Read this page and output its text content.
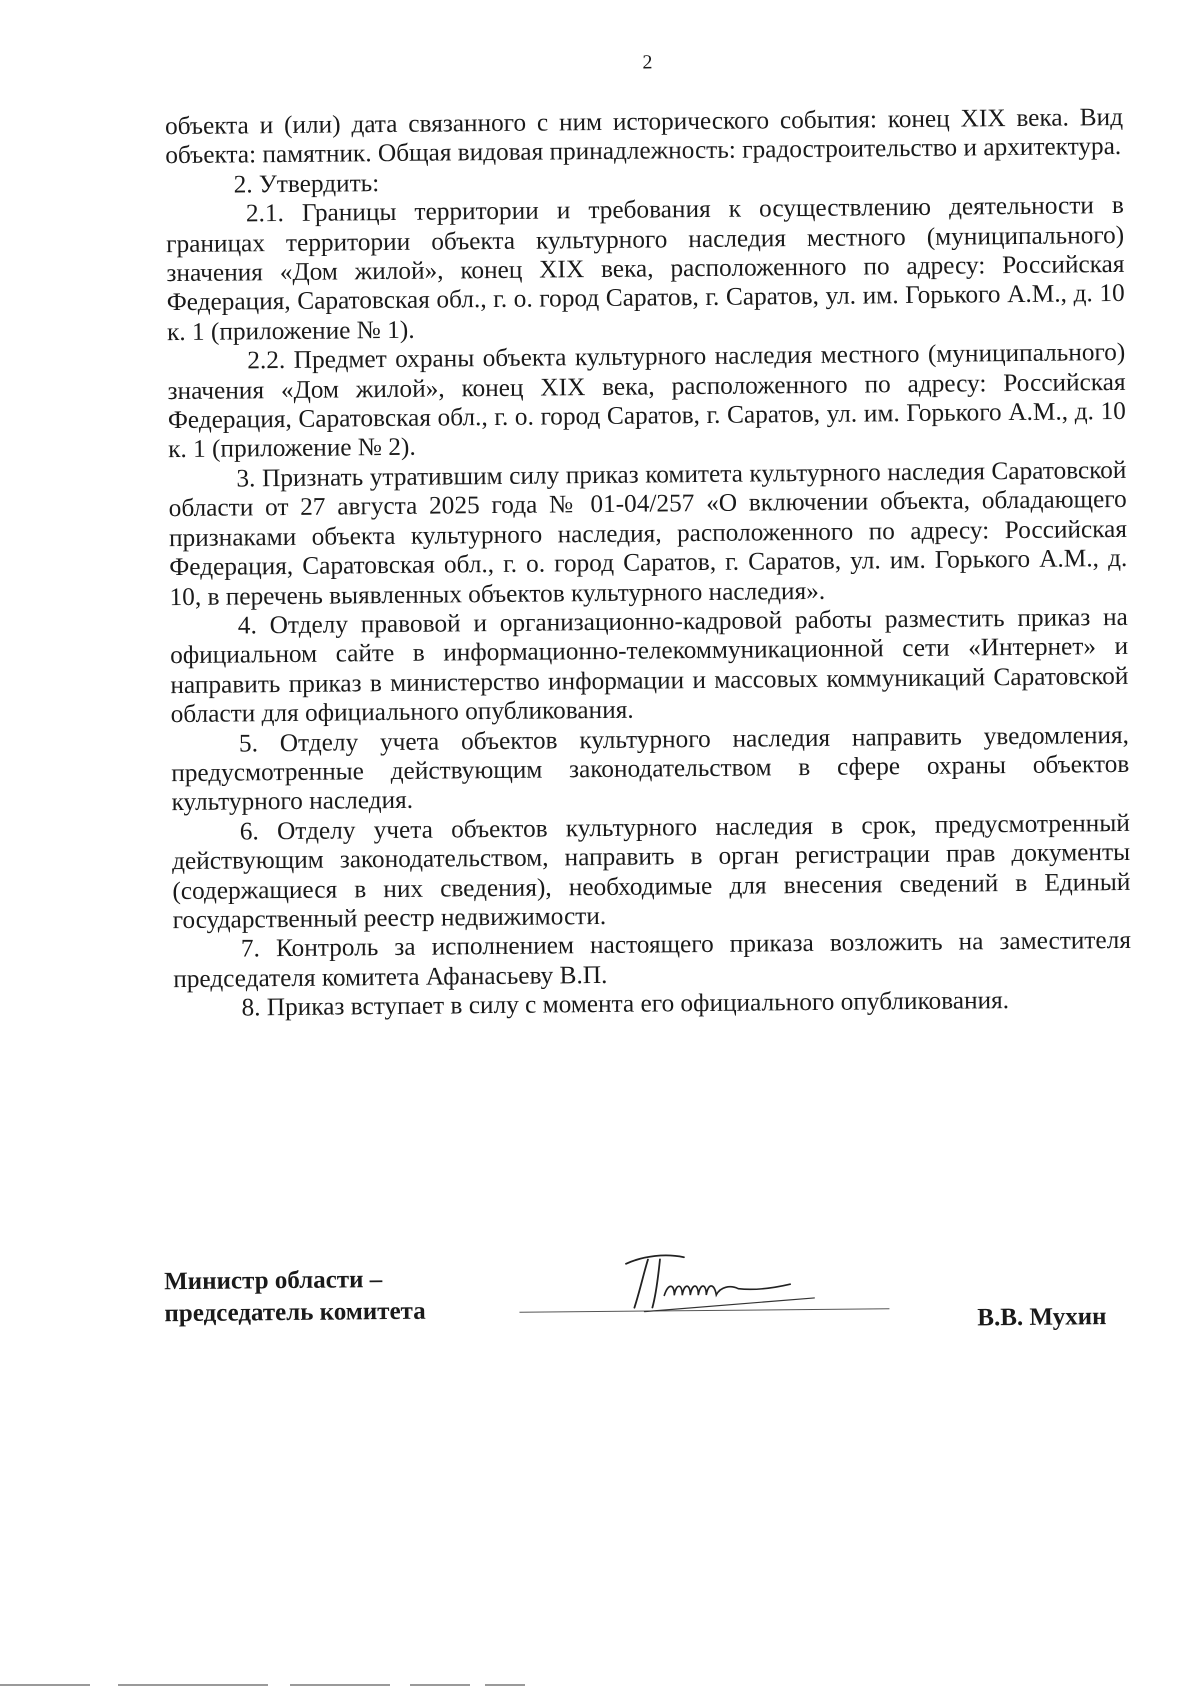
2

объекта и (или) дата связанного с ним исторического события: конец XIX века. Вид объекта: памятник. Общая видовая принадлежность: градостроительство и архитектура.

2. Утвердить:

2.1. Границы территории и требования к осуществлению деятельности в границах территории объекта культурного наследия местного (муниципального) значения «Дом жилой», конец XIX века, расположенного по адресу: Российская Федерация, Саратовская обл., г. о. город Саратов, г. Саратов, ул. им. Горького А.М., д. 10 к. 1 (приложение № 1).

2.2. Предмет охраны объекта культурного наследия местного (муниципального) значения «Дом жилой», конец XIX века, расположенного по адресу: Российская Федерация, Саратовская обл., г. о. город Саратов, г. Саратов, ул. им. Горького А.М., д. 10 к. 1 (приложение № 2).

3. Признать утратившим силу приказ комитета культурного наследия Саратовской области от 27 августа 2025 года № 01-04/257 «О включении объекта, обладающего признаками объекта культурного наследия, расположенного по адресу: Российская Федерация, Саратовская обл., г. о. город Саратов, г. Саратов, ул. им. Горького А.М., д. 10, в перечень выявленных объектов культурного наследия».

4. Отделу правовой и организационно-кадровой работы разместить приказ на официальном сайте в информационно-телекоммуникационной сети «Интернет» и направить приказ в министерство информации и массовых коммуникаций Саратовской области для официального опубликования.

5. Отделу учета объектов культурного наследия направить уведомления, предусмотренные действующим законодательством в сфере охраны объектов культурного наследия.

6. Отделу учета объектов культурного наследия в срок, предусмотренный действующим законодательством, направить в орган регистрации прав документы (содержащиеся в них сведения), необходимые для внесения сведений в Единый государственный реестр недвижимости.

7. Контроль за исполнением настоящего приказа возложить на заместителя председателя комитета Афанасьеву В.П.

8. Приказ вступает в силу с момента его официального опубликования.

Министр области –
председатель комитета	В.В. Мухин
